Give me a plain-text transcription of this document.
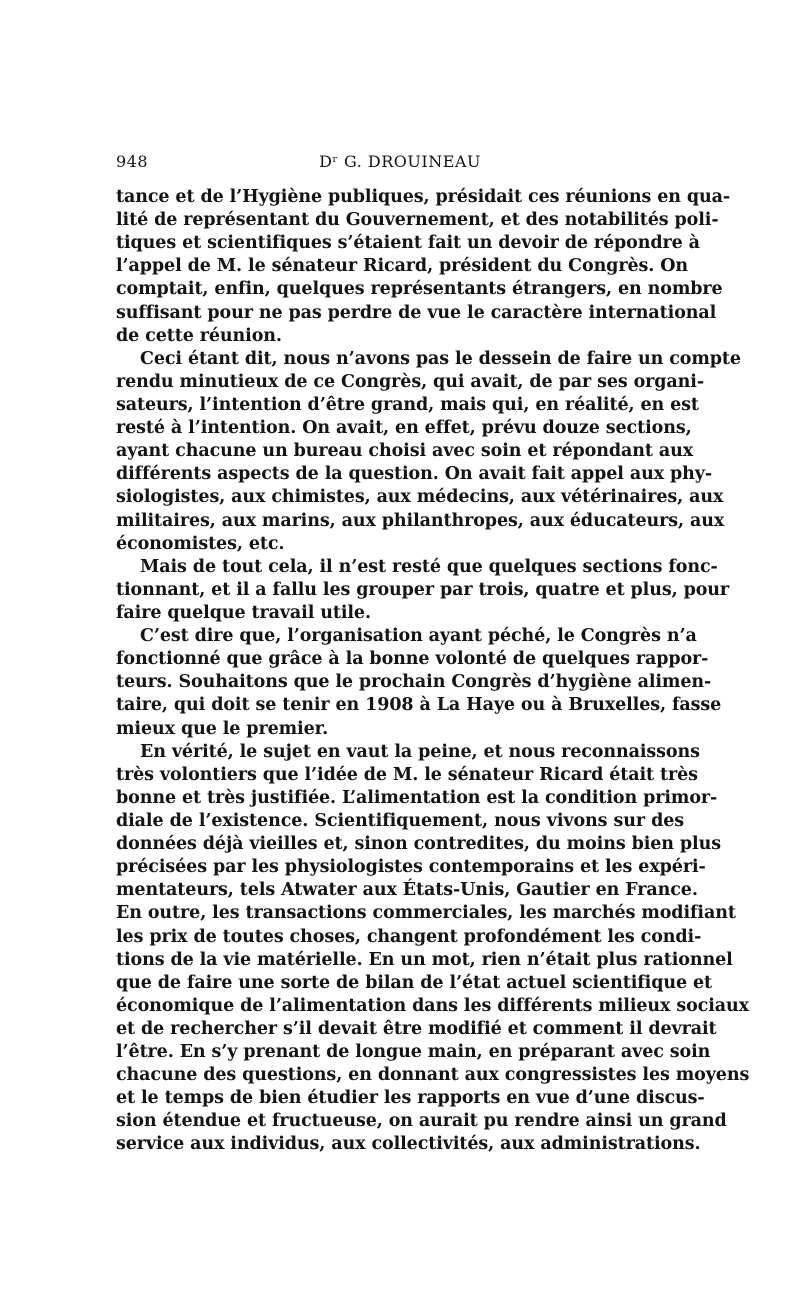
948	Dʳ G. DROUINEAU
tance et de l’Hygiène publiques, présidait ces réunions en qua-
lité de représentant du Gouvernement, et des notabilités poli-
tiques et scientifiques s’étaient fait un devoir de répondre à
l’appel de M. le sénateur Ricard, président du Congrès. On
comptait, enfin, quelques représentants étrangers, en nombre
suffisant pour ne pas perdre de vue le caractère international
de cette réunion.
Ceci étant dit, nous n’avons pas le dessein de faire un compte
rendu minutieux de ce Congrès, qui avait, de par ses organi-
sateurs, l’intention d’être grand, mais qui, en réalité, en est
resté à l’intention. On avait, en effet, prévu douze sections,
ayant chacune un bureau choisi avec soin et répondant aux
différents aspects de la question. On avait fait appel aux phy-
siologistes, aux chimistes, aux médecins, aux vétérinaires, aux
militaires, aux marins, aux philanthropes, aux éducateurs, aux
économistes, etc.
Mais de tout cela, il n’est resté que quelques sections fonc-
tionnant, et il a fallu les grouper par trois, quatre et plus, pour
faire quelque travail utile.
C’est dire que, l’organisation ayant péché, le Congrès n’a
fonctionné que grâce à la bonne volonté de quelques rappor-
teurs. Souhaitons que le prochain Congrès d’hygiène alimen-
taire, qui doit se tenir en 1908 à La Haye ou à Bruxelles, fasse
mieux que le premier.
En vérité, le sujet en vaut la peine, et nous reconnaissons
très volontiers que l’idée de M. le sénateur Ricard était très
bonne et très justifiée. L’alimentation est la condition primor-
diale de l’existence. Scientifiquement, nous vivons sur des
données déjà vieilles et, sinon contredites, du moins bien plus
précisées par les physiologistes contemporains et les expéri-
mentateurs, tels Atwater aux États-Unis, Gautier en France.
En outre, les transactions commerciales, les marchés modifiant
les prix de toutes choses, changent profondément les condi-
tions de la vie matérielle. En un mot, rien n’était plus rationnel
que de faire une sorte de bilan de l’état actuel scientifique et
économique de l’alimentation dans les différents milieux sociaux
et de rechercher s’il devait être modifié et comment il devrait
l’être. En s’y prenant de longue main, en préparant avec soin
chacune des questions, en donnant aux congressistes les moyens
et le temps de bien étudier les rapports en vue d’une discus-
sion étendue et fructueuse, on aurait pu rendre ainsi un grand
service aux individus, aux collectivités, aux administrations.
